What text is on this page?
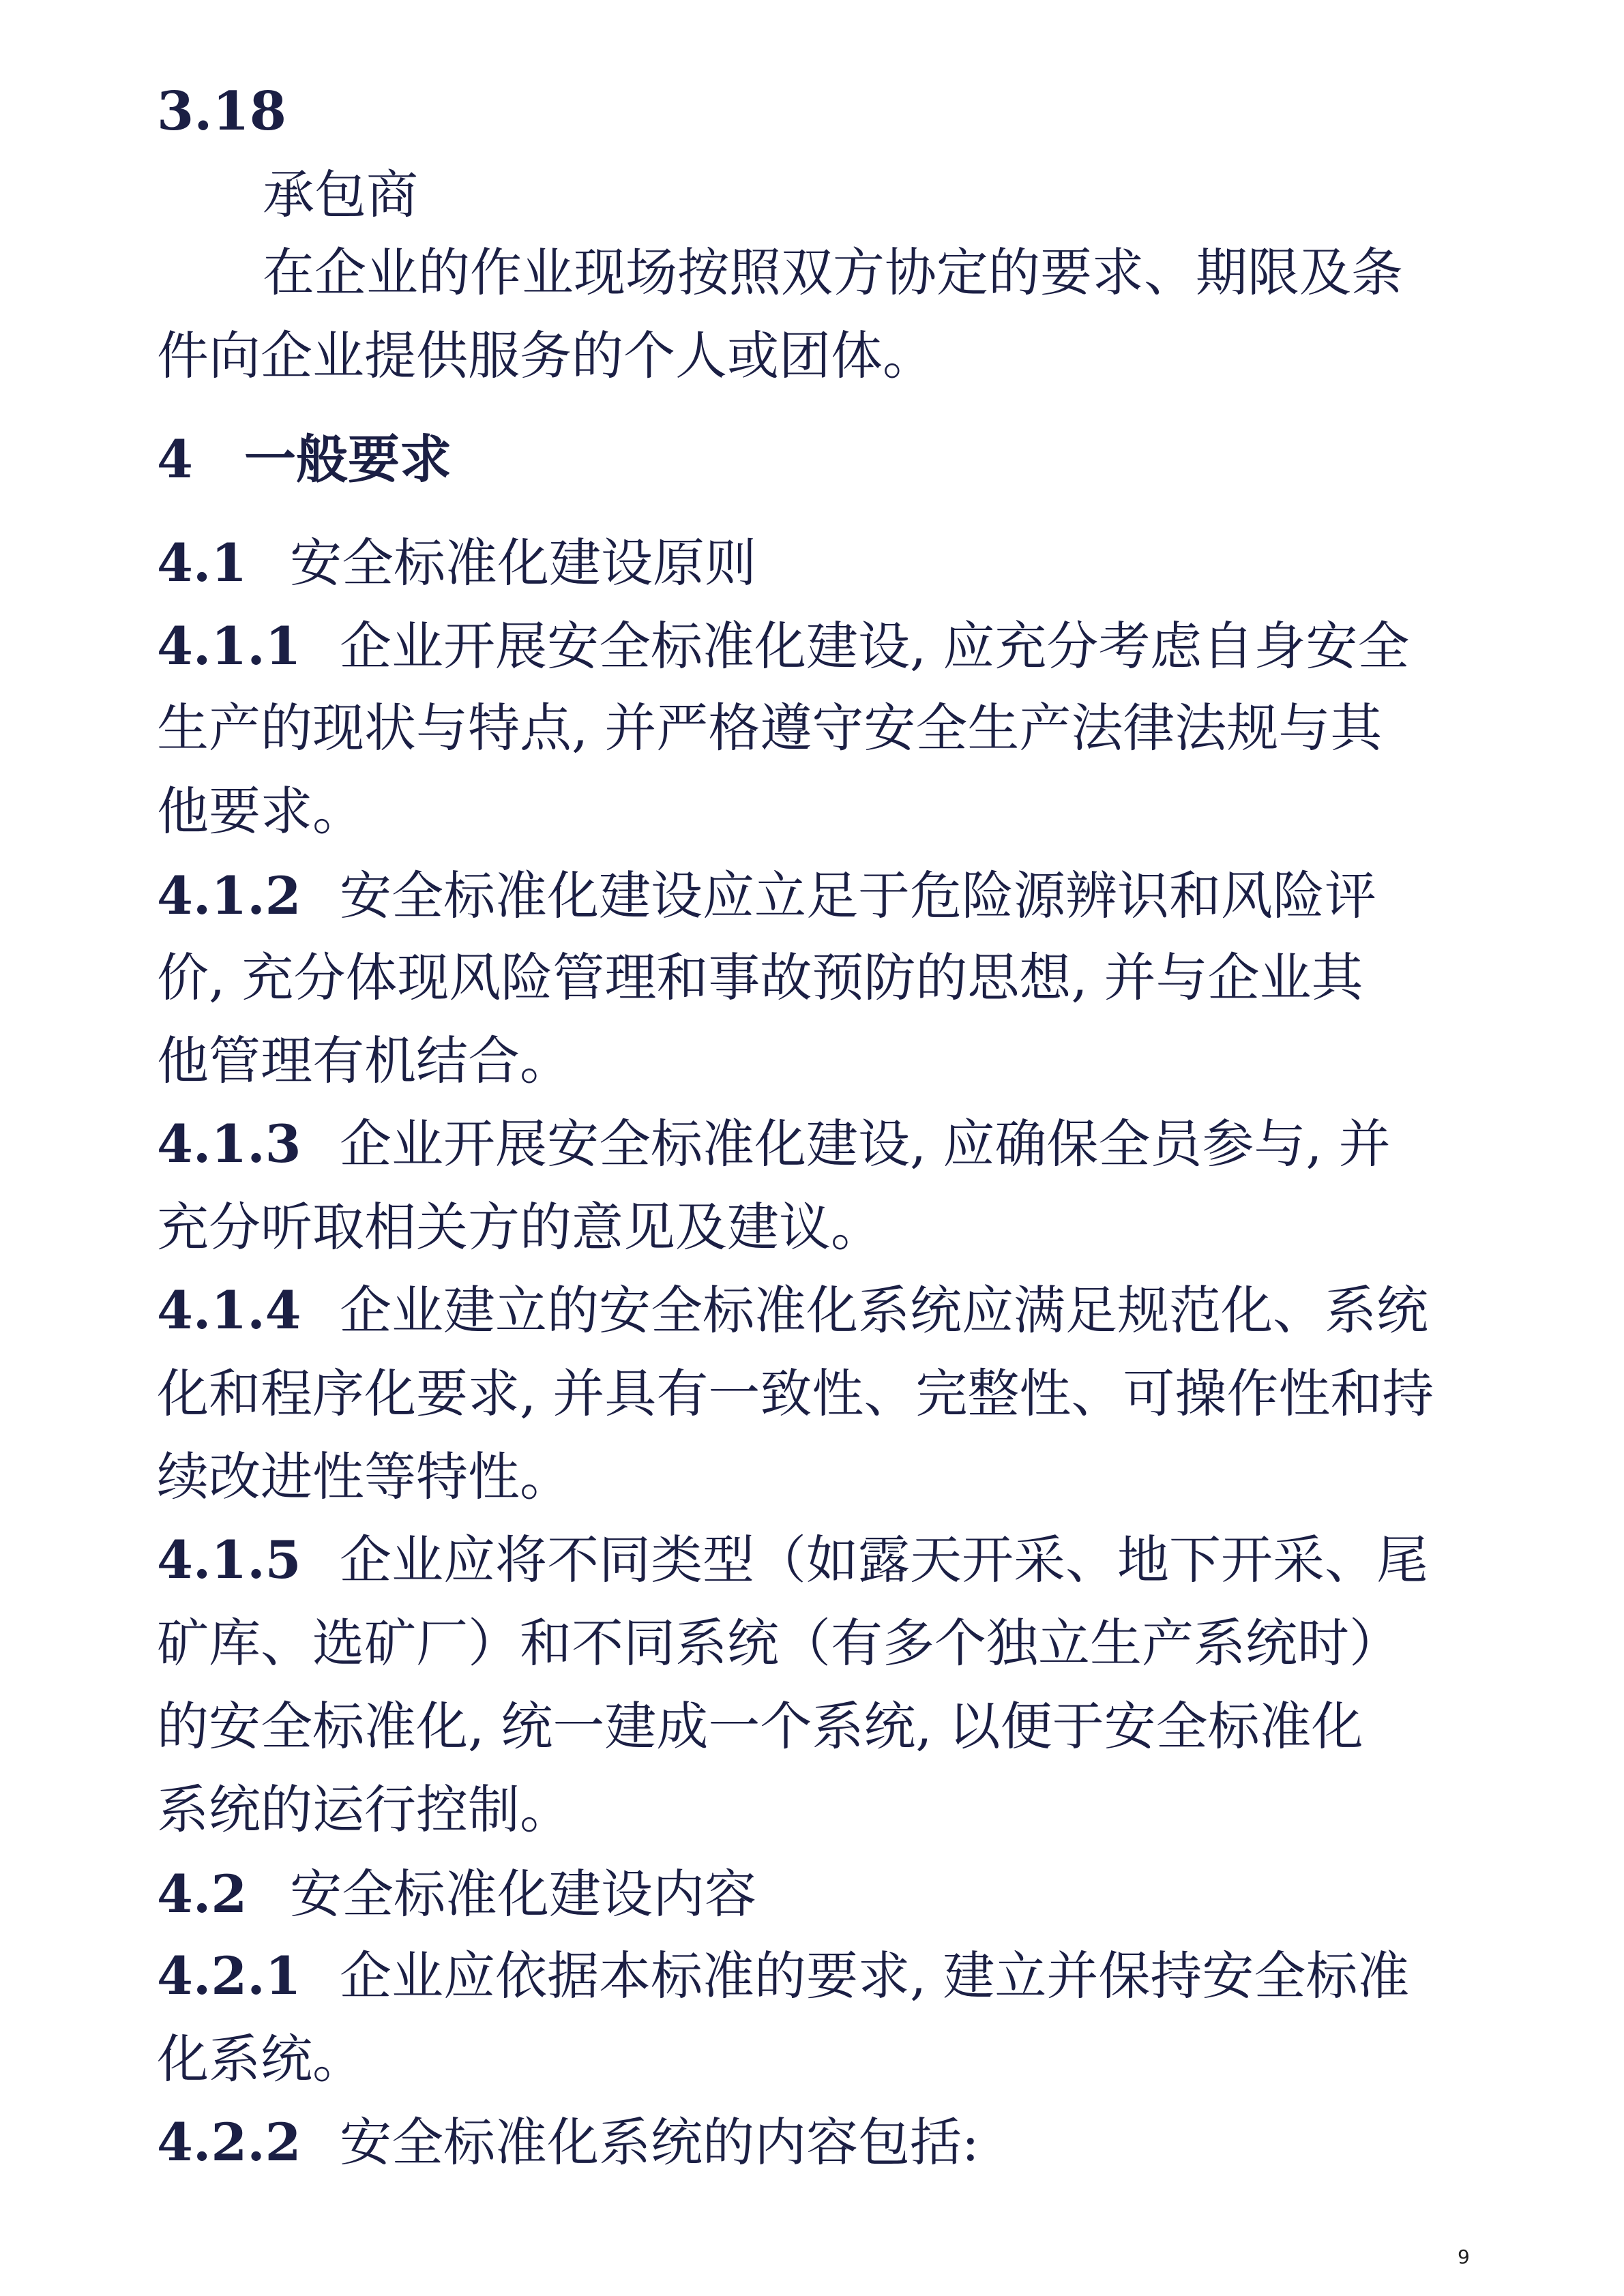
3.18
承包商
在企业的作业现场按照双方协定的要求、期限及条
件向企业提供服务的个人或团体。
4 一般要求
4.1 安全标准化建设原则
4.1.1 企业开展安全标准化建设, 应充分考虑自身安全
生产的现状与特点, 并严格遵守安全生产法律法规与其
他要求。
4.1.2 安全标准化建设应立足于危险源辨识和风险评
价, 充分体现风险管理和事故预防的思想, 并与企业其
他管理有机结合。
4.1.3 企业开展安全标准化建设, 应确保全员参与, 并
充分听取相关方的意见及建议。
4.1.4 企业建立的安全标准化系统应满足规范化、系统
化和程序化要求, 并具有一致性、完整性、可操作性和持
续改进性等特性。
4.1.5 企业应将不同类型（如露天开采、地下开采、尾
矿库、选矿厂）和不同系统（有多个独立生产系统时）
的安全标准化, 统一建成一个系统, 以便于安全标准化
系统的运行控制。
4.2 安全标准化建设内容
4.2.1 企业应依据本标准的要求, 建立并保持安全标准
化系统。
4.2.2 安全标准化系统的内容包括:
9
